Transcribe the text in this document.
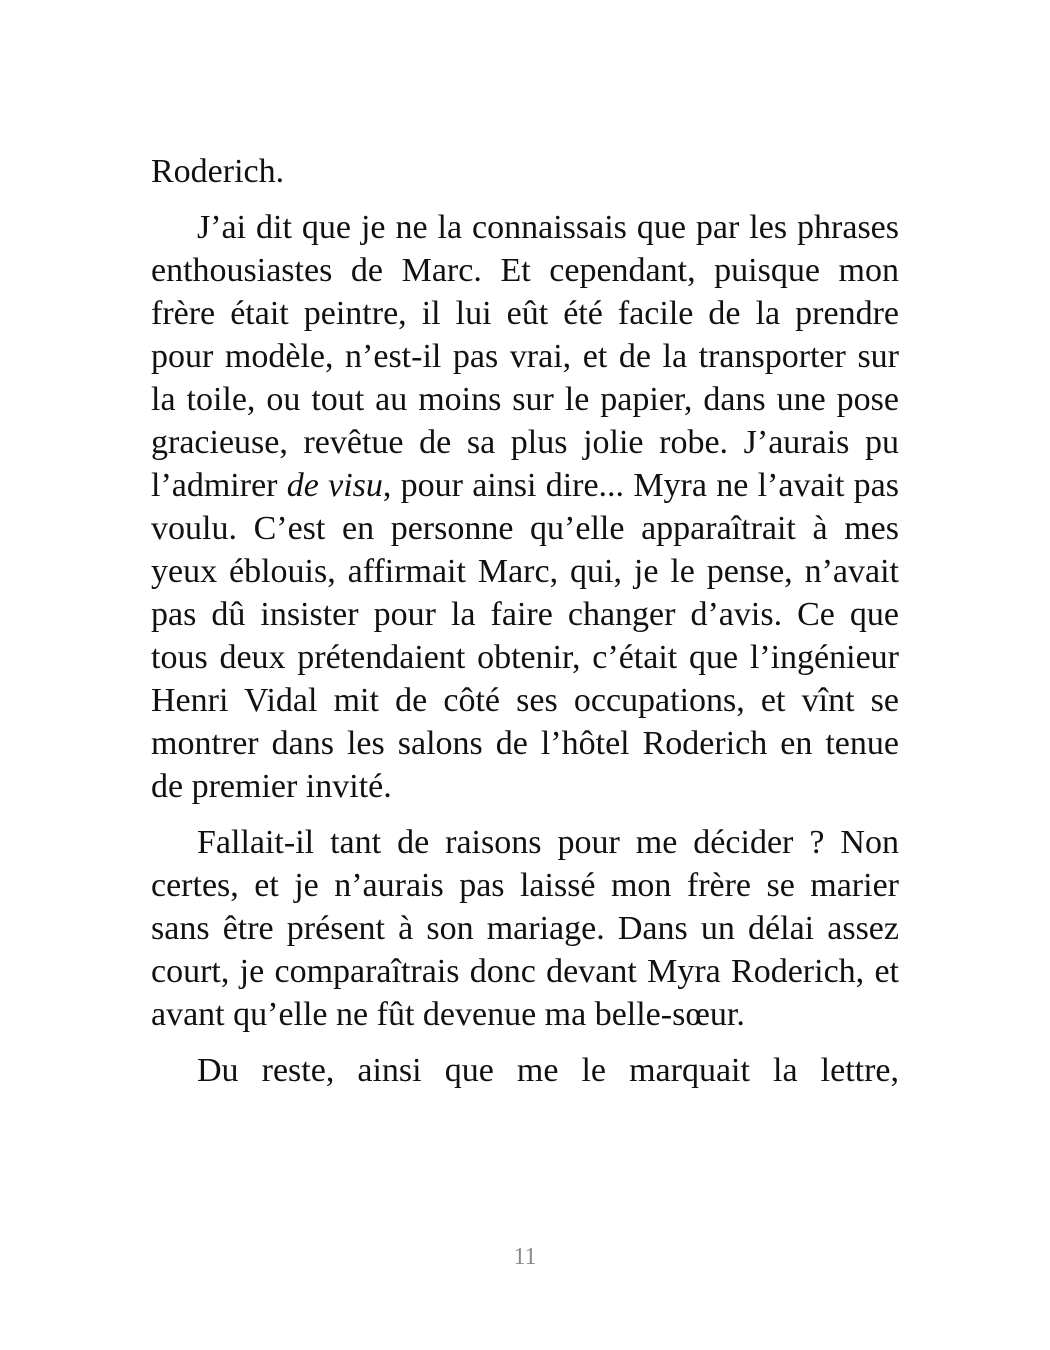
Roderich.

J’ai dit que je ne la connaissais que par les phrases enthousiastes de Marc. Et cependant, puisque mon frère était peintre, il lui eût été facile de la prendre pour modèle, n’est-il pas vrai, et de la transporter sur la toile, ou tout au moins sur le papier, dans une pose gracieuse, revêtue de sa plus jolie robe. J’aurais pu l’admirer de visu, pour ainsi dire... Myra ne l’avait pas voulu. C’est en personne qu’elle apparaîtrait à mes yeux éblouis, affirmait Marc, qui, je le pense, n’avait pas dû insister pour la faire changer d’avis. Ce que tous deux prétendaient obtenir, c’était que l’ingénieur Henri Vidal mit de côté ses occupations, et vînt se montrer dans les salons de l’hôtel Roderich en tenue de premier invité.

Fallait-il tant de raisons pour me décider ? Non certes, et je n’aurais pas laissé mon frère se marier sans être présent à son mariage. Dans un délai assez court, je comparaîtrais donc devant Myra Roderich, et avant qu’elle ne fût devenue ma belle-sœur.

Du reste, ainsi que me le marquait la lettre,

11
